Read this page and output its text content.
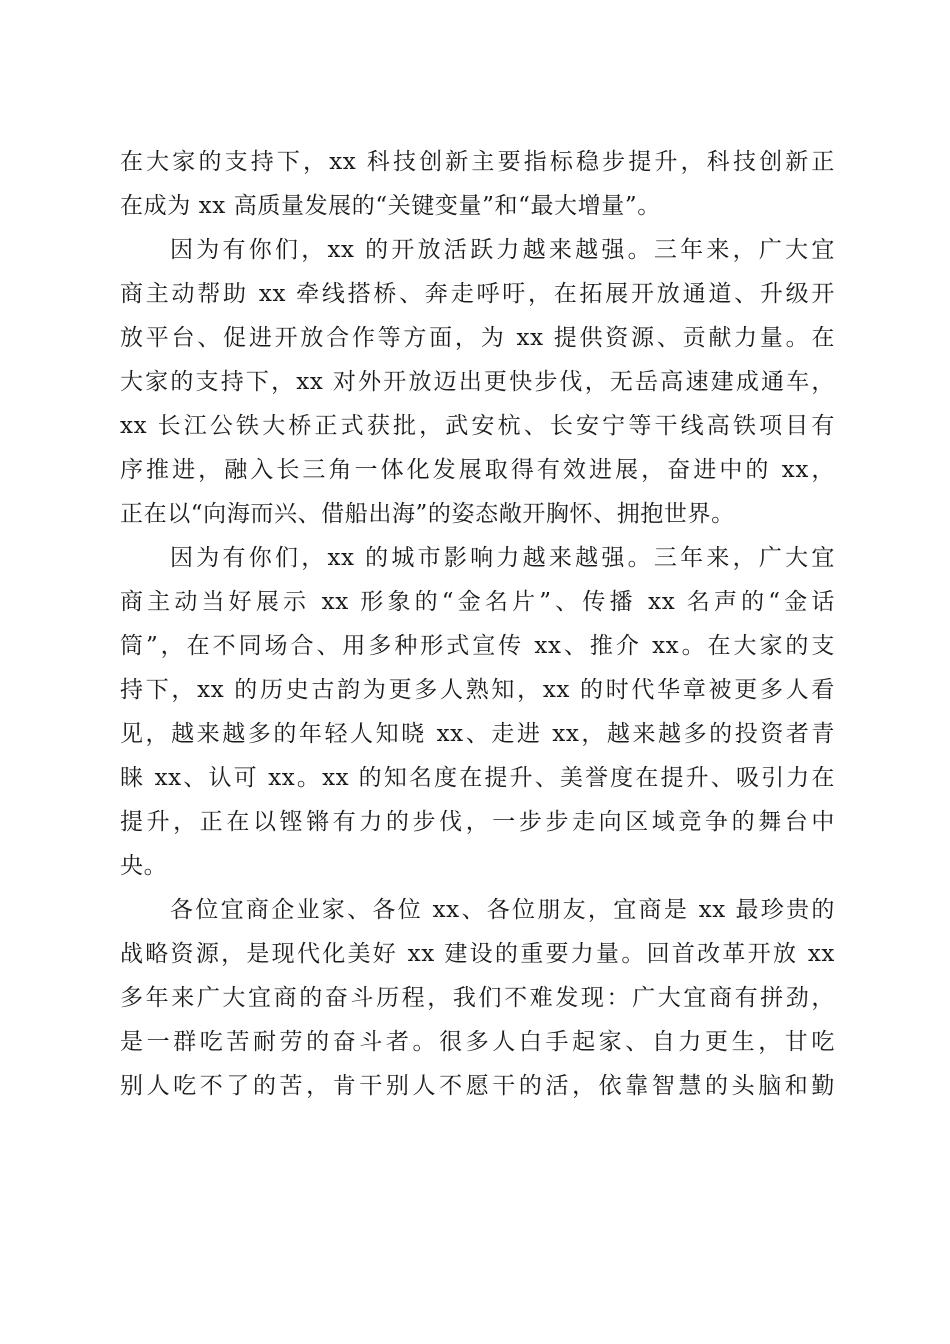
在大家的支持下，xx 科技创新主要指标稳步提升，科技创新正
在成为 xx 高质量发展的“关键变量”和“最大增量”。
因为有你们，xx 的开放活跃力越来越强。三年来，广大宜
商主动帮助 xx 牵线搭桥、奔走呼吁，在拓展开放通道、升级开
放平台、促进开放合作等方面，为 xx 提供资源、贡献力量。在
大家的支持下，xx 对外开放迈出更快步伐，无岳高速建成通车，
xx 长江公铁大桥正式获批，武安杭、长安宁等干线高铁项目有
序推进，融入长三角一体化发展取得有效进展，奋进中的 xx，
正在以“向海而兴、借船出海”的姿态敞开胸怀、拥抱世界。
因为有你们，xx 的城市影响力越来越强。三年来，广大宜
商主动当好展示 xx 形象的“金名片”、传播 xx 名声的“金话
筒”，在不同场合、用多种形式宣传 xx、推介 xx。在大家的支
持下，xx 的历史古韵为更多人熟知，xx 的时代华章被更多人看
见，越来越多的年轻人知晓 xx、走进 xx，越来越多的投资者青
睐 xx、认可 xx。xx 的知名度在提升、美誉度在提升、吸引力在
提升，正在以铿锵有力的步伐，一步步走向区域竞争的舞台中
央。
各位宜商企业家、各位 xx、各位朋友，宜商是 xx 最珍贵的
战略资源，是现代化美好 xx 建设的重要力量。回首改革开放 xx
多年来广大宜商的奋斗历程，我们不难发现：广大宜商有拼劲，
是一群吃苦耐劳的奋斗者。很多人白手起家、自力更生，甘吃
别人吃不了的苦，肯干别人不愿干的活，依靠智慧的头脑和勤
